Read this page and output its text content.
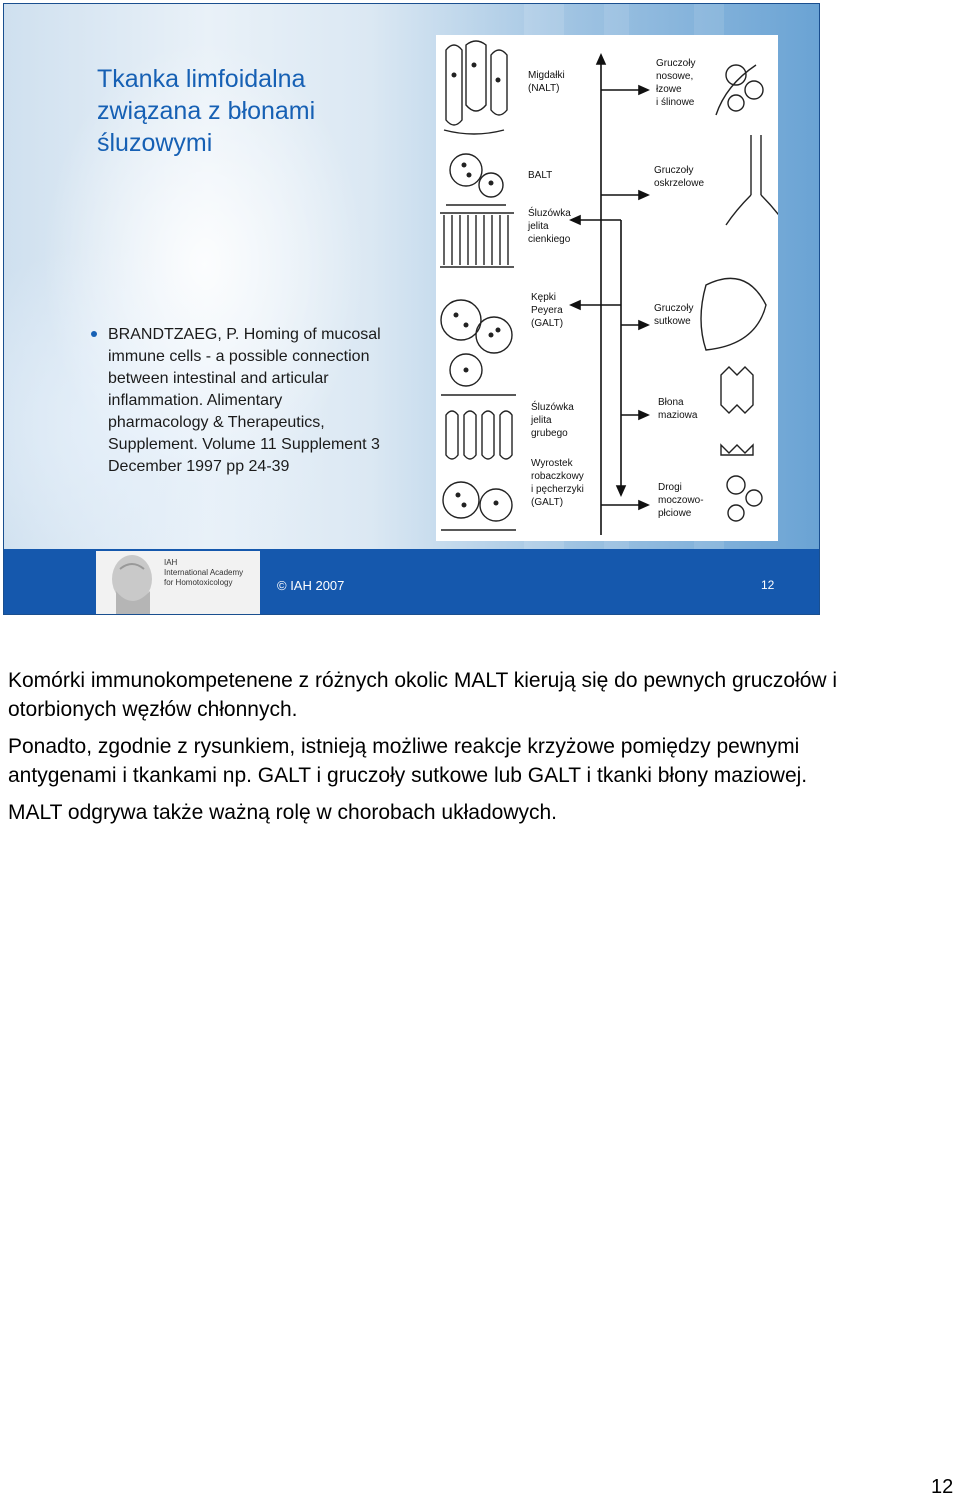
Tkanka limfoidalna związana z błonami śluzowymi
BRANDTZAEG, P. Homing of mucosal immune cells - a possible connection between intestinal and articular inflammation. Alimentary pharmacology & Therapeutics, Supplement. Volume 11 Supplement 3 December 1997 pp 24-39
Migdałki
(NALT)
BALT
Śluzówka
jelita
cienkiego
Kępki
Peyera
(GALT)
Śluzówka
jelita
grubego
Wyrostek
robaczkowy
i pęcherzyki
(GALT)
Gruczoły
nosowe,
łzowe
i ślinowe
Gruczoły
oskrzelowe
Gruczoły
sutkowe
Błona
maziowa
Drogi
moczowo-
płciowe
IAH
International Academy
for Homotoxicology	© IAH 2007	12

Komórki immunokompetenene z różnych okolic MALT kierują się do pewnych gruczołów i otorbionych węzłów chłonnych.

Ponadto, zgodnie z rysunkiem, istnieją możliwe reakcje krzyżowe pomiędzy pewnymi antygenami i tkankami np. GALT i gruczoły sutkowe lub GALT i tkanki błony maziowej.

MALT odgrywa także ważną rolę w chorobach układowych.

12
